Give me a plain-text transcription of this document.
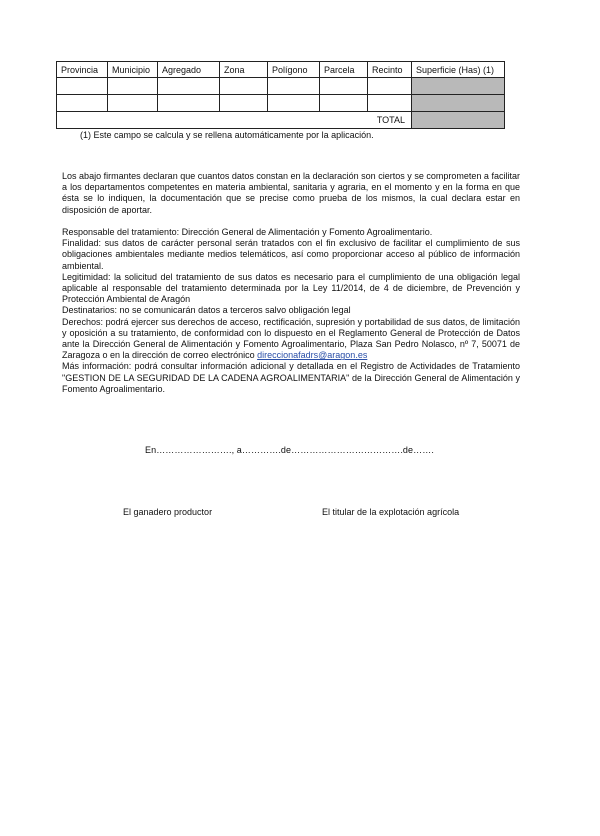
Provincia	Municipio	Agregado	Zona	Polígono	Parcela	Recinto	Superficie (Has) (1)

TOTAL							
(1) Este campo se calcula y se rellena automáticamente por la aplicación.

Los abajo firmantes declaran que cuantos datos constan en la declaración son ciertos y se comprometen a facilitar a los departamentos competentes en materia ambiental, sanitaria y agraria, en el momento y en la forma en que ésta se lo indiquen, la documentación que se precise como prueba de los mismos, la cual declara estar en disposición de aportar.

Responsable del tratamiento: Dirección General de Alimentación y Fomento Agroalimentario.

Finalidad: sus datos de carácter personal serán tratados con el fin exclusivo de facilitar el cumplimiento de sus obligaciones ambientales mediante medios telemáticos, así como proporcionar acceso al público de información ambiental.

Legitimidad: la solicitud del tratamiento de sus datos es necesario para el cumplimiento de una obligación legal aplicable al responsable del tratamiento determinada por la Ley 11/2014, de 4 de diciembre, de Prevención y Protección Ambiental de Aragón

Destinatarios: no se comunicarán datos a terceros salvo obligación legal

Derechos: podrá ejercer sus derechos de acceso, rectificación, supresión y portabilidad de sus datos, de limitación y oposición a su tratamiento, de conformidad con lo dispuesto en el Reglamento General de Protección de Datos ante la Dirección General de Alimentación y Fomento Agroalimentario, Plaza San Pedro Nolasco, nº 7, 50071 de Zaragoza o en la dirección de correo electrónico direccionafadrs@aragon.es

Más información: podrá consultar información adicional y detallada en el Registro de Actividades de Tratamiento "GESTION DE LA SEGURIDAD DE LA CADENA AGROALIMENTARIA" de la Dirección General de Alimentación y Fomento Agroalimentario.

En……………………., a………….de……………………………….de…….
El ganadero productor	El titular de la explotación agrícola
